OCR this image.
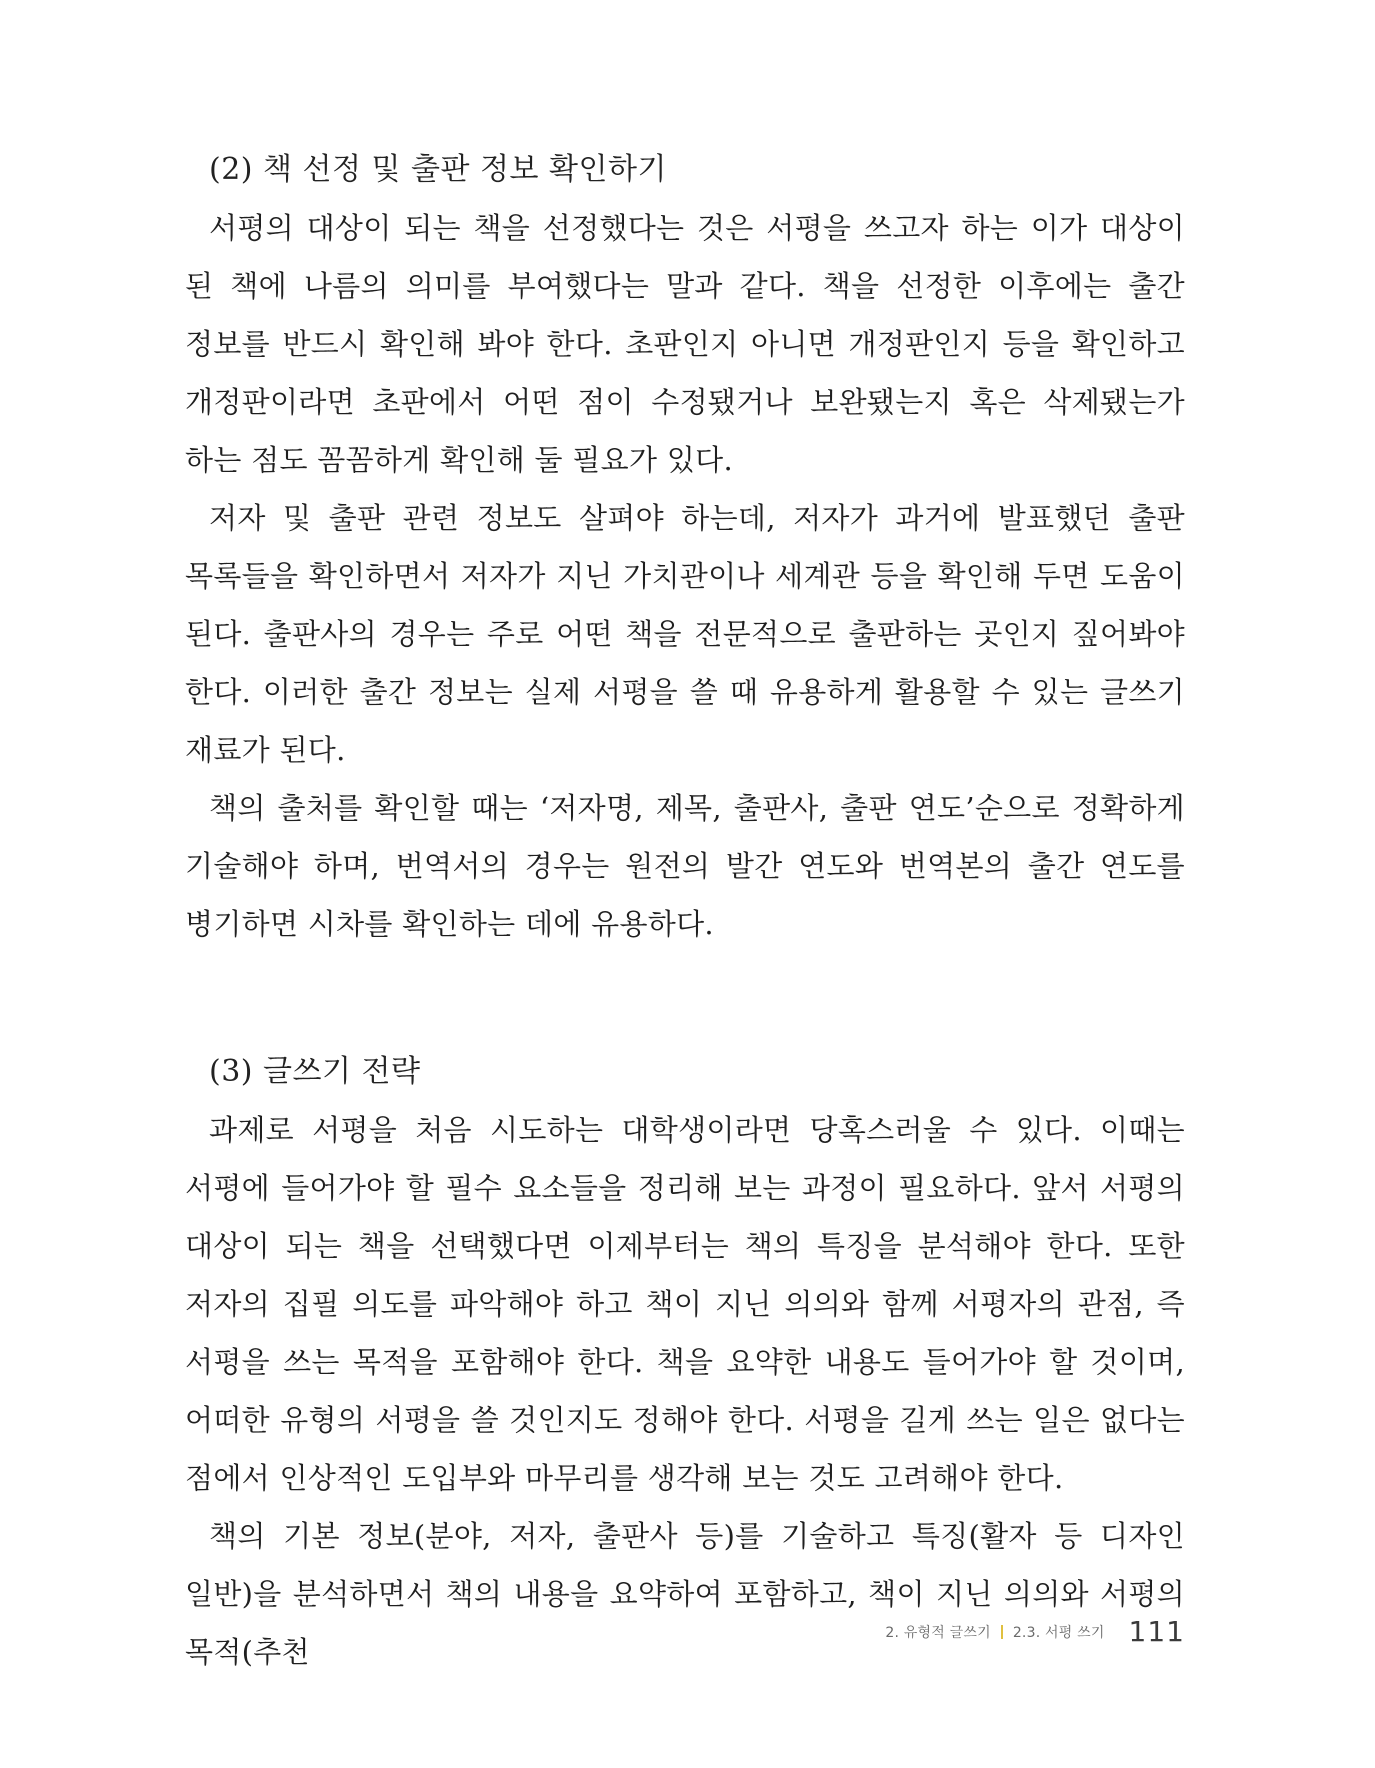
(2) 책 선정 및 출판 정보 확인하기

서평의 대상이 되는 책을 선정했다는 것은 서평을 쓰고자 하는 이가 대상이 된 책에 나름의 의미를 부여했다는 말과 같다. 책을 선정한 이후에는 출간 정보를 반드시 확인해 봐야 한다. 초판인지 아니면 개정판인지 등을 확인하고 개정판이라면 초판에서 어떤 점이 수정됐거나 보완됐는지 혹은 삭제됐는가 하는 점도 꼼꼼하게 확인해 둘 필요가 있다.

저자 및 출판 관련 정보도 살펴야 하는데, 저자가 과거에 발표했던 출판 목록들을 확인하면서 저자가 지닌 가치관이나 세계관 등을 확인해 두면 도움이 된다. 출판사의 경우는 주로 어떤 책을 전문적으로 출판하는 곳인지 짚어봐야 한다. 이러한 출간 정보는 실제 서평을 쓸 때 유용하게 활용할 수 있는 글쓰기 재료가 된다.

책의 출처를 확인할 때는 ‘저자명, 제목, 출판사, 출판 연도’순으로 정확하게 기술해야 하며, 번역서의 경우는 원전의 발간 연도와 번역본의 출간 연도를 병기하면 시차를 확인하는 데에 유용하다.

(3) 글쓰기 전략

과제로 서평을 처음 시도하는 대학생이라면 당혹스러울 수 있다. 이때는 서평에 들어가야 할 필수 요소들을 정리해 보는 과정이 필요하다. 앞서 서평의 대상이 되는 책을 선택했다면 이제부터는 책의 특징을 분석해야 한다. 또한 저자의 집필 의도를 파악해야 하고 책이 지닌 의의와 함께 서평자의 관점, 즉 서평을 쓰는 목적을 포함해야 한다. 책을 요약한 내용도 들어가야 할 것이며, 어떠한 유형의 서평을 쓸 것인지도 정해야 한다. 서평을 길게 쓰는 일은 없다는 점에서 인상적인 도입부와 마무리를 생각해 보는 것도 고려해야 한다.

책의 기본 정보(분야, 저자, 출판사 등)를 기술하고 특징(활자 등 디자인 일반)을 분석하면서 책의 내용을 요약하여 포함하고, 책이 지닌 의의와 서평의 목적(추천

2. 유형적 글쓰기 2.3. 서평 쓰기 111
